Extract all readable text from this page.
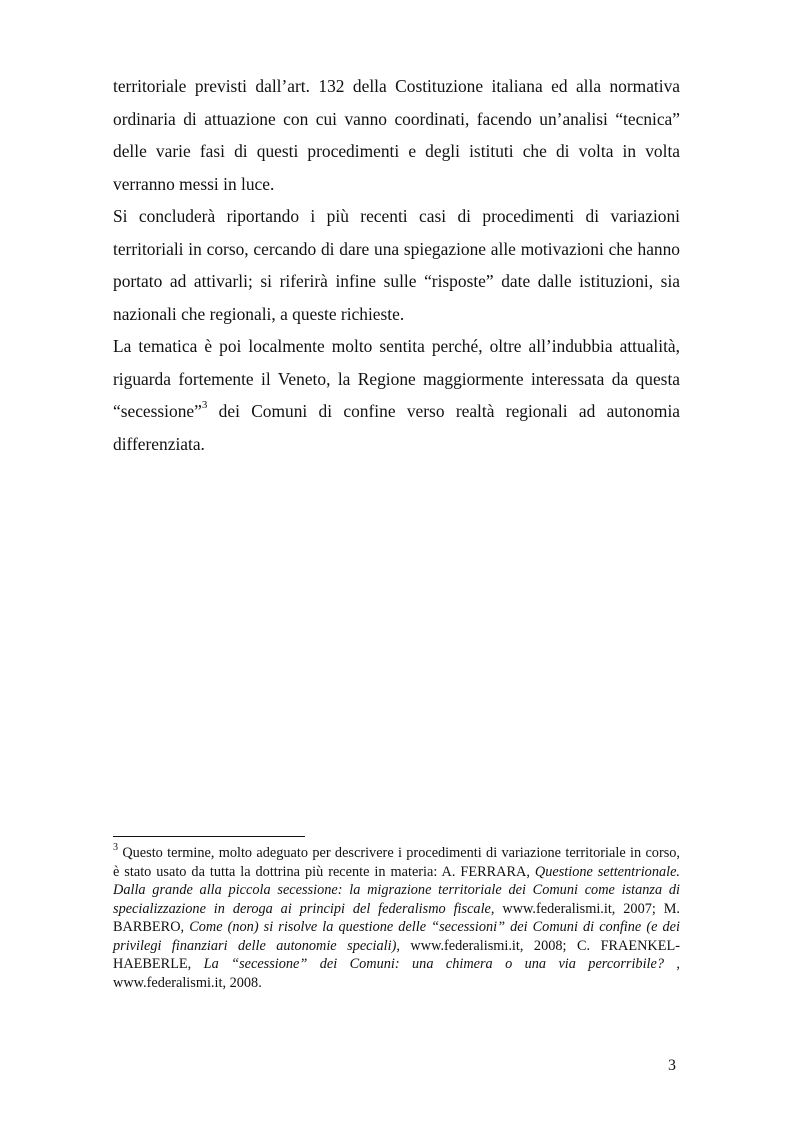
territoriale previsti dall’art. 132 della Costituzione italiana ed alla normativa ordinaria di attuazione con cui vanno coordinati, facendo un’analisi “tecnica” delle varie fasi di questi procedimenti e degli istituti che di volta in volta verranno messi in luce.

Si concluderà riportando i più recenti casi di procedimenti di variazioni territoriali in corso, cercando di dare una spiegazione alle motivazioni che hanno portato ad attivarli; si riferirà infine sulle “risposte” date dalle istituzioni, sia nazionali che regionali, a queste richieste.

La tematica è poi localmente molto sentita perché, oltre all’indubbia attualità, riguarda fortemente il Veneto, la Regione maggiormente interessata da questa “secessione”$^3$ dei Comuni di confine verso realtà regionali ad autonomia differenziata.

$^3$ Questo termine, molto adeguato per descrivere i procedimenti di variazione territoriale in corso, è stato usato da tutta la dottrina più recente in materia: A. FERRARA, Questione settentrionale. Dalla grande alla piccola secessione: la migrazione territoriale dei Comuni come istanza di specializzazione in deroga ai principi del federalismo fiscale, www.federalismi.it, 2007; M. BARBERO, Come (non) si risolve la questione delle “secessioni” dei Comuni di confine (e dei privilegi finanziari delle autonomie speciali), www.federalismi.it, 2008; C. FRAENKEL-HAEBERLE, La “secessione” dei Comuni: una chimera o una via percorribile? , www.federalismi.it, 2008.
3
